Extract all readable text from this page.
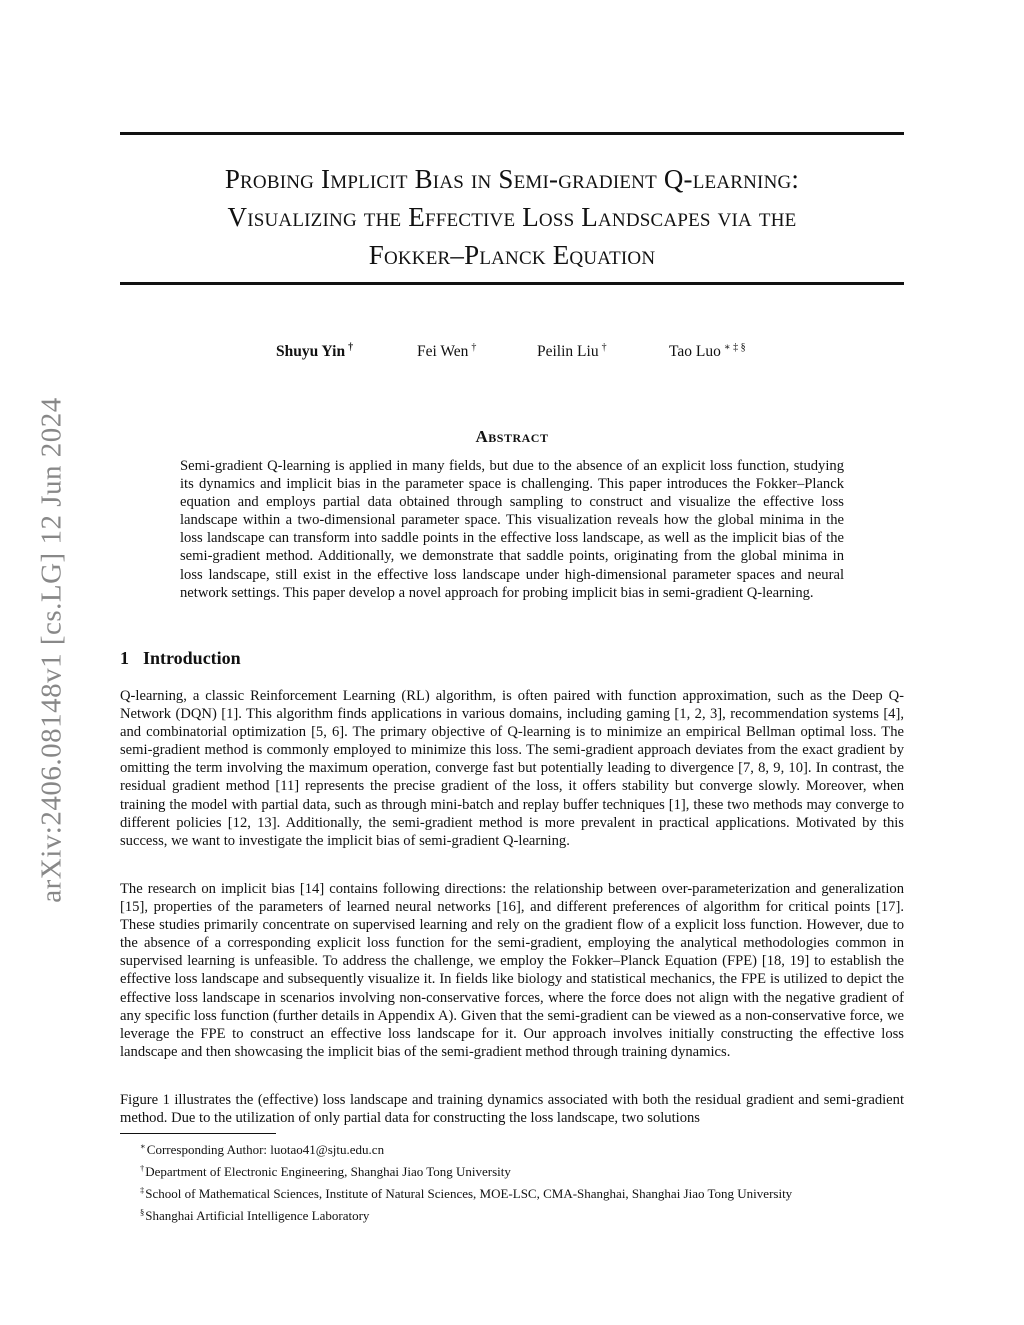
Probing Implicit Bias in Semi-gradient Q-learning:
Visualizing the Effective Loss Landscapes via the
Fokker–Planck Equation
Shuyu Yin †	Fei Wen †	Peilin Liu †	Tao Luo ∗ ‡ §
arXiv:2406.08148v1 [cs.LG] 12 Jun 2024	Abstract
Semi-gradient Q-learning is applied in many fields, but due to the absence of an explicit loss function, studying its dynamics and implicit bias in the parameter space is challenging. This paper introduces the Fokker–Planck equation and employs partial data obtained through sampling to construct and visualize the effective loss landscape within a two-dimensional parameter space. This visualization reveals how the global minima in the loss landscape can transform into saddle points in the effective loss landscape, as well as the implicit bias of the semi-gradient method. Additionally, we demonstrate that saddle points, originating from the global minima in loss landscape, still exist in the effective loss landscape under high-dimensional parameter spaces and neural network settings. This paper develop a novel approach for probing implicit bias in semi-gradient Q-learning.
1 Introduction
Q-learning, a classic Reinforcement Learning (RL) algorithm, is often paired with function approximation, such as the Deep Q-Network (DQN) [1]. This algorithm finds applications in various domains, including gaming [1, 2, 3], recommendation systems [4], and combinatorial optimization [5, 6]. The primary objective of Q-learning is to minimize an empirical Bellman optimal loss. The semi-gradient method is commonly employed to minimize this loss. The semi-gradient approach deviates from the exact gradient by omitting the term involving the maximum operation, converge fast but potentially leading to divergence [7, 8, 9, 10]. In contrast, the residual gradient method [11] represents the precise gradient of the loss, it offers stability but converge slowly. Moreover, when training the model with partial data, such as through mini-batch and replay buffer techniques [1], these two methods may converge to different policies [12, 13]. Additionally, the semi-gradient method is more prevalent in practical applications. Motivated by this success, we want to investigate the implicit bias of semi-gradient Q-learning.
The research on implicit bias [14] contains following directions: the relationship between over-parameterization and generalization [15], properties of the parameters of learned neural networks [16], and different preferences of algorithm for critical points [17]. These studies primarily concentrate on supervised learning and rely on the gradient flow of a explicit loss function. However, due to the absence of a corresponding explicit loss function for the semi-gradient, employing the analytical methodologies common in supervised learning is unfeasible. To address the challenge, we employ the Fokker–Planck Equation (FPE) [18, 19] to establish the effective loss landscape and subsequently visualize it. In fields like biology and statistical mechanics, the FPE is utilized to depict the effective loss landscape in scenarios involving non-conservative forces, where the force does not align with the negative gradient of any specific loss function (further details in Appendix A). Given that the semi-gradient can be viewed as a non-conservative force, we leverage the FPE to construct an effective loss landscape for it. Our approach involves initially constructing the effective loss landscape and then showcasing the implicit bias of the semi-gradient method through training dynamics.
Figure 1 illustrates the (effective) loss landscape and training dynamics associated with both the residual gradient and semi-gradient method. Due to the utilization of only partial data for constructing the loss landscape, two solutions
∗Corresponding Author: luotao41@sjtu.edu.cn
†Department of Electronic Engineering, Shanghai Jiao Tong University
‡School of Mathematical Sciences, Institute of Natural Sciences, MOE-LSC, CMA-Shanghai, Shanghai Jiao Tong University
§Shanghai Artificial Intelligence Laboratory
